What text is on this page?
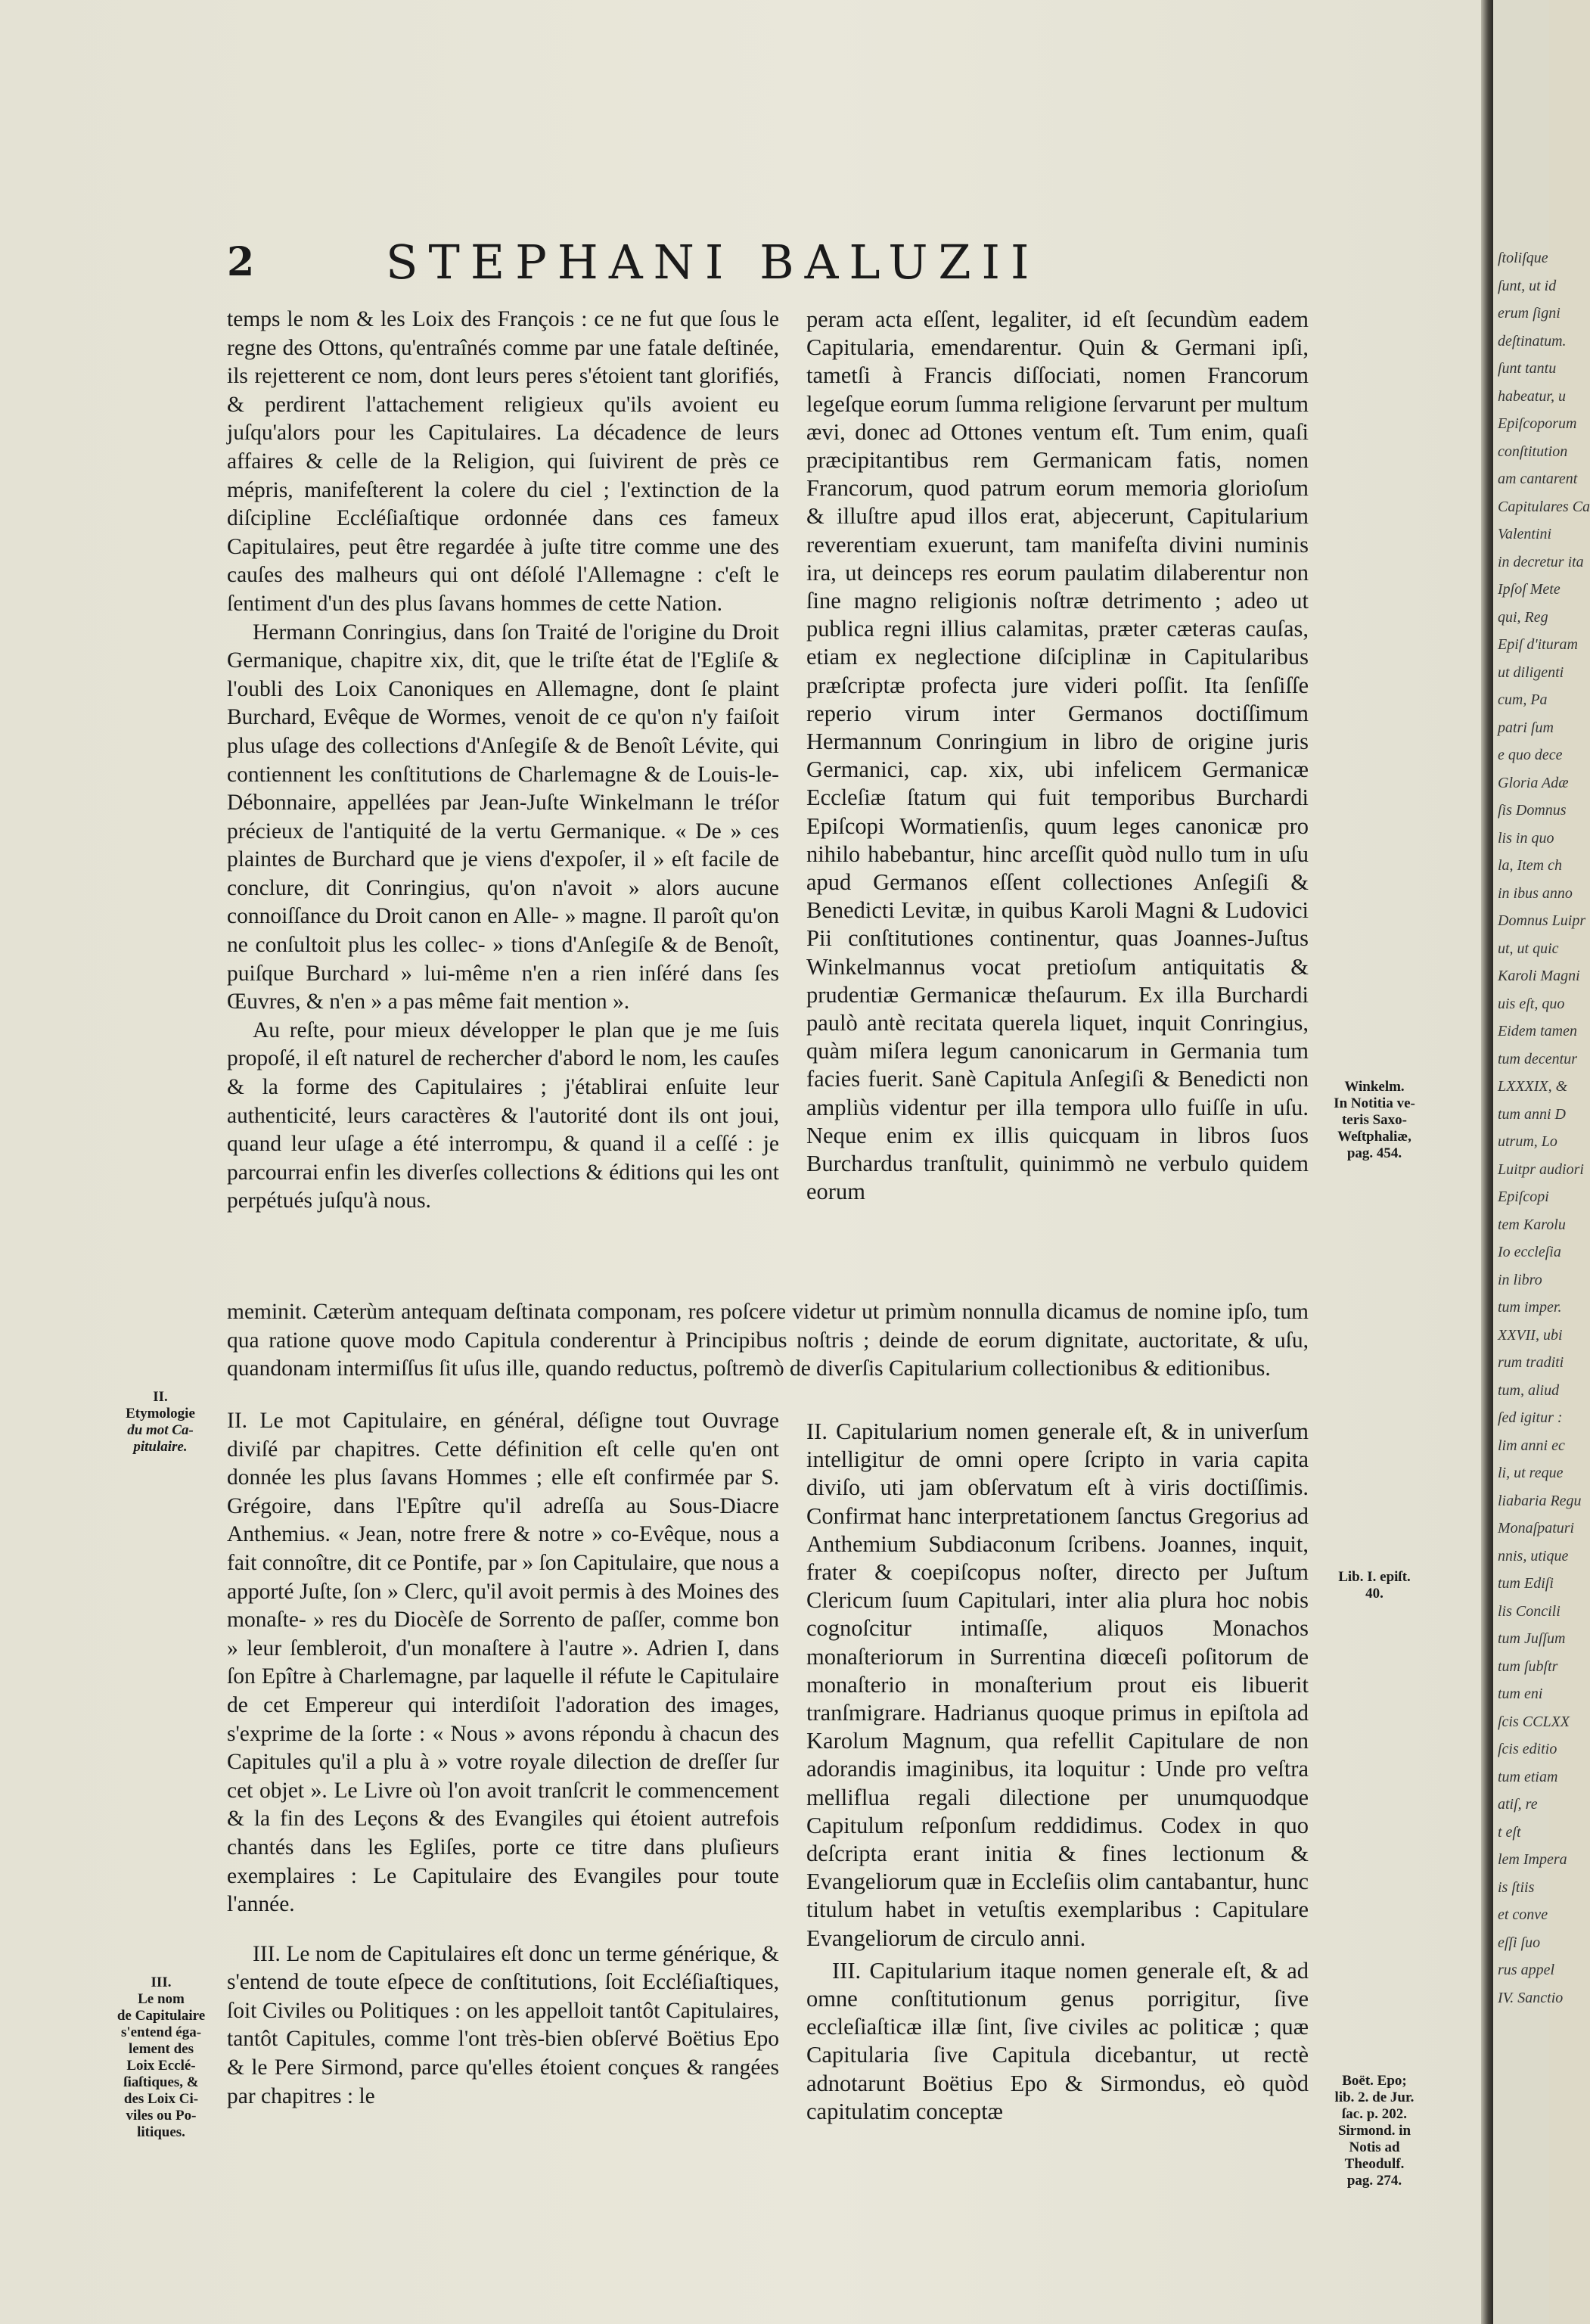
2	STEPHANI BALUZII

temps le nom & les Loix des François : ce ne fut que ſous le regne des Ottons, qu'entraînés comme par une fatale deſtinée, ils rejetterent ce nom, dont leurs peres s'étoient tant glorifiés, & perdirent l'attachement religieux qu'ils avoient eu juſqu'alors pour les Capitulaires. La décadence de leurs affaires & celle de la Religion, qui ſuivirent de près ce mépris, manifeſterent la colere du ciel ; l'extinction de la diſcipline Eccléſiaſtique ordonnée dans ces fameux Capitulaires, peut être regardée à juſte titre comme une des cauſes des malheurs qui ont déſolé l'Allemagne : c'eſt le ſentiment d'un des plus ſavans hommes de cette Nation.

Hermann Conringius, dans ſon Traité de l'origine du Droit Germanique, chapitre xix, dit, que le triſte état de l'Egliſe & l'oubli des Loix Canoniques en Allemagne, dont ſe plaint Burchard, Evêque de Wormes, venoit de ce qu'on n'y faiſoit plus uſage des collections d'Anſegiſe & de Benoît Lévite, qui contiennent les conſtitutions de Charlemagne & de Louis-le-Débonnaire, appellées par Jean-Juſte Winkelmann le tréſor précieux de l'antiquité de la vertu Germanique. « De » ces plaintes de Burchard que je viens d'expoſer, il » eſt facile de conclure, dit Conringius, qu'on n'avoit » alors aucune connoiſſance du Droit canon en Alle- » magne. Il paroît qu'on ne conſultoit plus les collec- » tions d'Anſegiſe & de Benoît, puiſque Burchard » lui-même n'en a rien inſéré dans ſes Œuvres, & n'en » a pas même fait mention ».

Au reſte, pour mieux développer le plan que je me ſuis propoſé, il eſt naturel de rechercher d'abord le nom, les cauſes & la forme des Capitulaires ; j'établirai enſuite leur authenticité, leurs caractères & l'autorité dont ils ont joui, quand leur uſage a été interrompu, & quand il a ceſſé : je parcourrai enfin les diverſes collections & éditions qui les ont perpétués juſqu'à nous.

peram acta eſſent, legaliter, id eſt ſecundùm eadem Capitularia, emendarentur. Quin & Germani ipſi, tametſi à Francis diſſociati, nomen Francorum legeſque eorum ſumma religione ſervarunt per multum ævi, donec ad Ottones ventum eſt. Tum enim, quaſi præcipitantibus rem Germanicam fatis, nomen Francorum, quod patrum eorum memoria glorioſum & illuſtre apud illos erat, abjecerunt, Capitularium reverentiam exuerunt, tam manifeſta divini numinis ira, ut deinceps res eorum paulatim dilaberentur non ſine magno religionis noſtræ detrimento ; adeo ut publica regni illius calamitas, præter cæteras cauſas, etiam ex neglectione diſciplinæ in Capitularibus præſcriptæ profecta jure videri poſſit. Ita ſenſiſſe reperio virum inter Germanos doctiſſimum Hermannum Conringium in libro de origine juris Germanici, cap. xix, ubi infelicem Germanicæ Eccleſiæ ſtatum qui fuit temporibus Burchardi Epiſcopi Wormatienſis, quum leges canonicæ pro nihilo habebantur, hinc arceſſit quòd nullo tum in uſu apud Germanos eſſent collectiones Anſegiſi & Benedicti Levitæ, in quibus Karoli Magni & Ludovici Pii conſtitutiones continentur, quas Joannes-Juſtus Winkelmannus vocat pretioſum antiquitatis & prudentiæ Germanicæ theſaurum. Ex illa Burchardi paulò antè recitata querela liquet, inquit Conringius, quàm miſera legum canonicarum in Germania tum facies fuerit. Sanè Capitula Anſegiſi & Benedicti non ampliùs videntur per illa tempora ullo fuiſſe in uſu. Neque enim ex illis quicquam in libros ſuos Burchardus tranſtulit, quinimmò ne verbulo quidem eorum

meminit. Cæterùm antequam deſtinata componam, res poſcere videtur ut primùm nonnulla dicamus de nomine ipſo, tum qua ratione quove modo Capitula conderentur à Principibus noſtris ; deinde de eorum dignitate, auctoritate, & uſu, quandonam intermiſſus ſit uſus ille, quando reductus, poſtremò de diverſis Capitularium collectionibus & editionibus.

II. Le mot Capitulaire, en général, déſigne tout Ouvrage diviſé par chapitres. Cette définition eſt celle qu'en ont donnée les plus ſavans Hommes ; elle eſt confirmée par S. Grégoire, dans l'Epître qu'il adreſſa au Sous-Diacre Anthemius. « Jean, notre frere & notre » co-Evêque, nous a fait connoître, dit ce Pontife, par » ſon Capitulaire, que nous a apporté Juſte, ſon » Clerc, qu'il avoit permis à des Moines des monaſte- » res du Diocèſe de Sorrento de paſſer, comme bon » leur ſembleroit, d'un monaſtere à l'autre ». Adrien I, dans ſon Epître à Charlemagne, par laquelle il réfute le Capitulaire de cet Empereur qui interdiſoit l'adoration des images, s'exprime de la ſorte : « Nous » avons répondu à chacun des Capitules qu'il a plu à » votre royale dilection de dreſſer ſur cet objet ». Le Livre où l'on avoit tranſcrit le commencement & la fin des Leçons & des Evangiles qui étoient autrefois chantés dans les Egliſes, porte ce titre dans pluſieurs exemplaires : Le Capitulaire des Evangiles pour toute l'année.

III. Le nom de Capitulaires eſt donc un terme générique, & s'entend de toute eſpece de conſtitutions, ſoit Eccléſiaſtiques, ſoit Civiles ou Politiques : on les appelloit tantôt Capitulaires, tantôt Capitules, comme l'ont très-bien obſervé Boëtius Epo & le Pere Sirmond, parce qu'elles étoient conçues & rangées par chapitres : le

II. Capitularium nomen generale eſt, & in univerſum intelligitur de omni opere ſcripto in varia capita diviſo, uti jam obſervatum eſt à viris doctiſſimis. Confirmat hanc interpretationem ſanctus Gregorius ad Anthemium Subdiaconum ſcribens. Joannes, inquit, frater & coepiſcopus noſter, directo per Juſtum Clericum ſuum Capitulari, inter alia plura hoc nobis cognoſcitur intimaſſe, aliquos Monachos monaſteriorum in Surrentina diœceſi poſitorum de monaſterio in monaſterium prout eis libuerit tranſmigrare. Hadrianus quoque primus in epiſtola ad Karolum Magnum, qua refellit Capitulare de non adorandis imaginibus, ita loquitur : Unde pro veſtra melliflua regali dilectione per unumquodque Capitulum reſponſum reddidimus. Codex in quo deſcripta erant initia & fines lectionum & Evangeliorum quæ in Eccleſiis olim cantabantur, hunc titulum habet in vetuſtis exemplaribus : Capitulare Evangeliorum de circulo anni.

III. Capitularium itaque nomen generale eſt, & ad omne conſtitutionum genus porrigitur, ſive eccleſiaſticæ illæ ſint, ſive civiles ac politicæ ; quæ Capitularia ſive Capitula dicebantur, ut rectè adnotarunt Boëtius Epo & Sirmondus, eò quòd capitulatim conceptæ

II.
Etymologie
du mot Ca-
pitulaire.
III.
Le nom
de Capitulaire
s'entend éga-
lement des
Loix Ecclé-
ſiaſtiques, &
des Loix Ci-
viles ou Po-
litiques.
Winkelm.
In Notitia ve-
teris Saxo-
Weſtphaliæ,
pag. 454.
Lib. I. epiſt.
40.
Boët. Epo;
lib. 2. de Jur.
ſac. p. 202.
Sirmond. in
Notis ad
Theodulf.
pag. 274.
ſtoliſque
ſunt, ut id
erum ſigni
deſtinatum.
ſunt tantu
habeatur, u
Epiſcoporum
conſtitution
am cantarent
Capitulares Ca
Valentini
in decretur ita
Ipſoſ Mete
qui, Reg
Epiſ d'ituram
ut diligenti
cum, Pa
patri ſum
e quo dece
Gloria Adæ
ſis Domnus
lis in quo
la, Item ch
in ibus anno
Domnus Luipr
ut, ut quic
Karoli Magni
uis eſt, quo
Eidem tamen
tum decentur
LXXXIX, &
tum anni D
utrum, Lo
Luitpr audiori
Epiſcopi
tem Karolu
Io eccleſia
in libro
tum imper.
XXVII, ubi
rum traditi
tum, aliud
ſed igitur :
lim anni ec
li, ut reque
liabaria Regu
Monaſpaturi
nnis, utique
tum Ediſi
lis Concili
tum Juſſum
tum ſubſtr
tum eni
ſcis CCLXX
ſcis editio
tum etiam
atiſ, re
t eſt
lem Impera
is ſtiis
et conve
eſſi ſuo
rus appel
IV. Sanctio
